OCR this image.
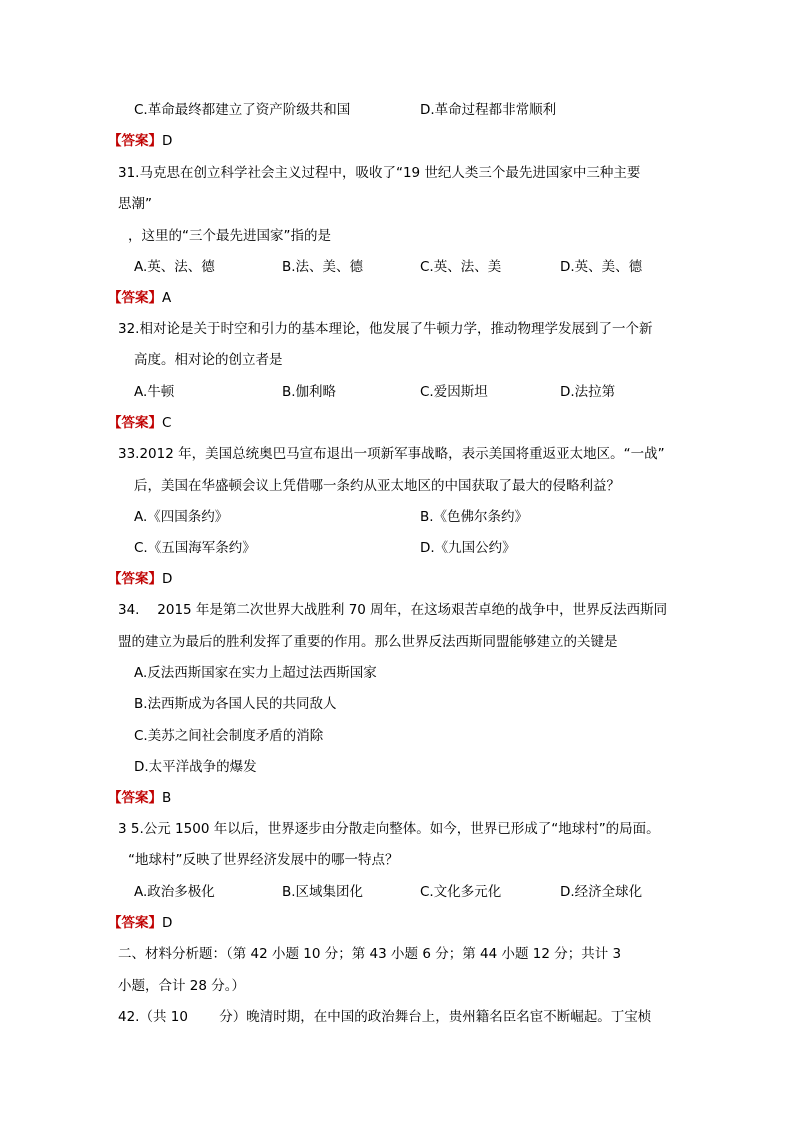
C.革命最终都建立了资产阶级共和国	D.革命过程都非常顺利
【答案】D
31.马克思在创立科学社会主义过程中，吸收了“19 世纪人类三个最先进国家中三种主要
思潮”
，这里的“三个最先进国家”指的是
A.英、法、德	B.法、美、德	C.英、法、美	D.英、美、德
【答案】A
32.相对论是关于时空和引力的基本理论，他发展了牛顿力学，推动物理学发展到了一个新
高度。相对论的创立者是
A.牛顿	B.伽利略	C.爱因斯坦	D.法拉第
【答案】C
33.2012 年，美国总统奥巴马宣布退出一项新军事战略，表示美国将重返亚太地区。“一战”
后，美国在华盛顿会议上凭借哪一条约从亚太地区的中国获取了最大的侵略利益？
A.《四国条约》	B.《色佛尔条约》
C.《五国海军条约》	D.《九国公约》
【答案】D
34.　 2015 年是第二次世界大战胜利 70 周年，在这场艰苦卓绝的战争中，世界反法西斯同
盟的建立为最后的胜利发挥了重要的作用。那么世界反法西斯同盟能够建立的关键是
A.反法西斯国家在实力上超过法西斯国家
B.法西斯成为各国人民的共同敌人
C.美苏之间社会制度矛盾的消除
D.太平洋战争的爆发
【答案】B
3 5.公元 1500 年以后，世界逐步由分散走向整体。如今，世界已形成了“地球村”的局面。
“地球村”反映了世界经济发展中的哪一特点？
A.政治多极化	B.区域集团化	C.文化多元化	D.经济全球化
【答案】D
二、材料分析题：（第 42 小题 10 分；第 43 小题 6 分；第 44 小题 12 分；共计 3
小题，合计 28 分。）
42.（共 10　　 分）晚清时期，在中国的政治舞台上，贵州籍名臣名宦不断崛起。丁宝桢
